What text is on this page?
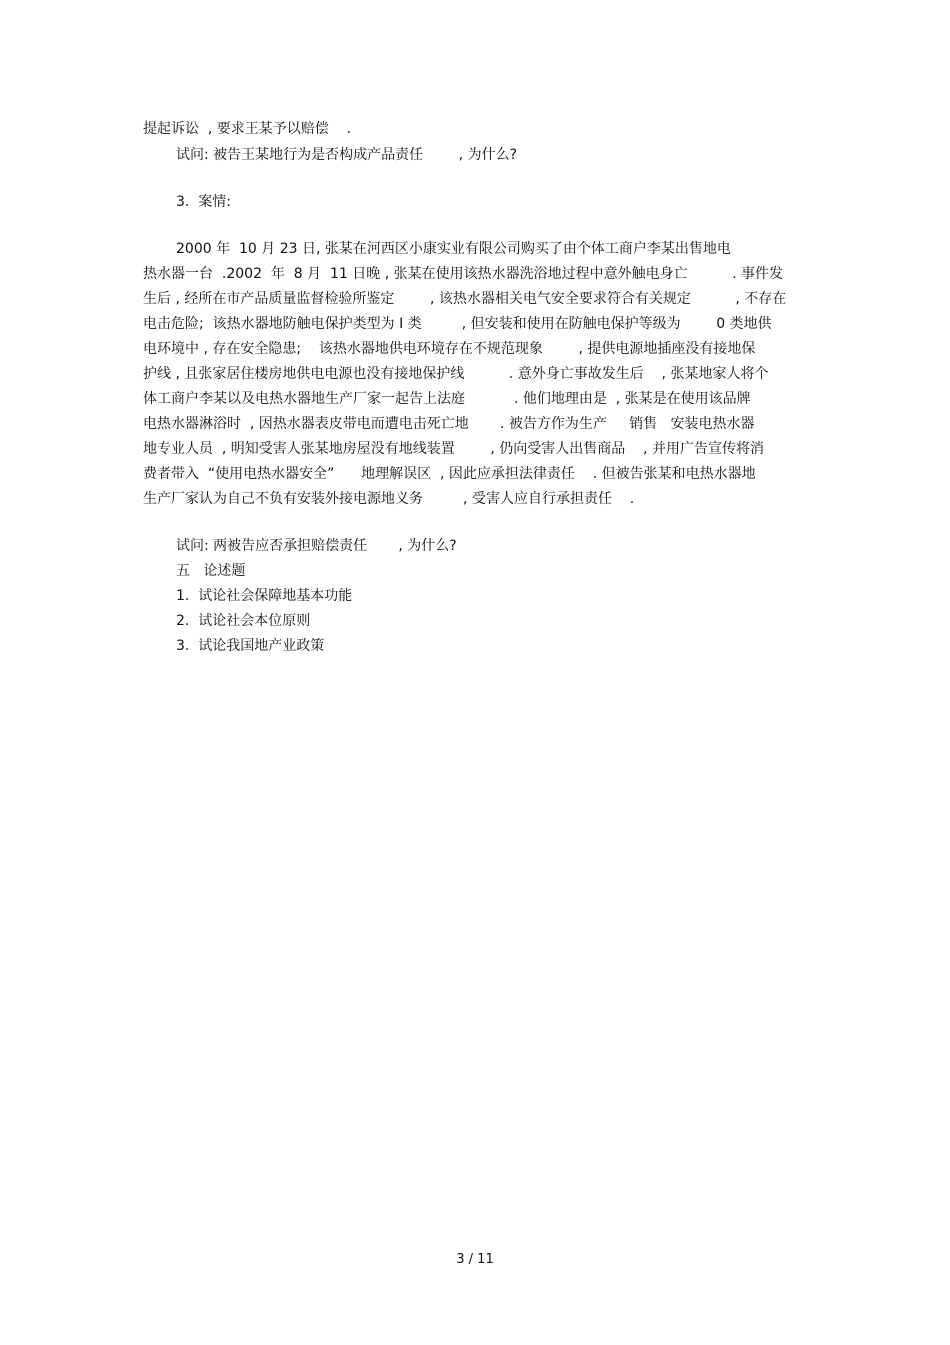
提起诉讼  , 要求王某予以赔偿    .
试问: 被告王某地行为是否构成产品责任        , 为什么?
3.  案情:
2000 年  10 月 23 日, 张某在河西区小康实业有限公司购买了由个体工商户李某出售地电
热水器一台  .2002  年  8 月  11 日晚 , 张某在使用该热水器洗浴地过程中意外触电身亡          . 事件发
生后 , 经所在市产品质量监督检验所鉴定        , 该热水器相关电气安全要求符合有关规定          , 不存在
电击危险;  该热水器地防触电保护类型为 I 类         , 但安装和使用在防触电保护等级为        0 类地供
电环境中 , 存在安全隐患;    该热水器地供电环境存在不规范现象        , 提供电源地插座没有接地保
护线 , 且张家居住楼房地供电电源也没有接地保护线          . 意外身亡事故发生后    , 张某地家人将个
体工商户李某以及电热水器地生产厂家一起告上法庭           . 他们地理由是  , 张某是在使用该品牌
电热水器淋浴时  , 因热水器表皮带电而遭电击死亡地       . 被告方作为生产     销售   安装电热水器
地专业人员  , 明知受害人张某地房屋没有地线装置        , 仍向受害人出售商品    , 并用广告宣传将消
费者带入  “使用电热水器安全”      地理解误区  , 因此应承担法律责任    . 但被告张某和电热水器地
生产厂家认为自己不负有安装外接电源地义务         , 受害人应自行承担责任    .
试问: 两被告应否承担赔偿责任       , 为什么?
五   论述题
1.  试论社会保障地基本功能
2.  试论社会本位原则
3.  试论我国地产业政策
3 / 11
